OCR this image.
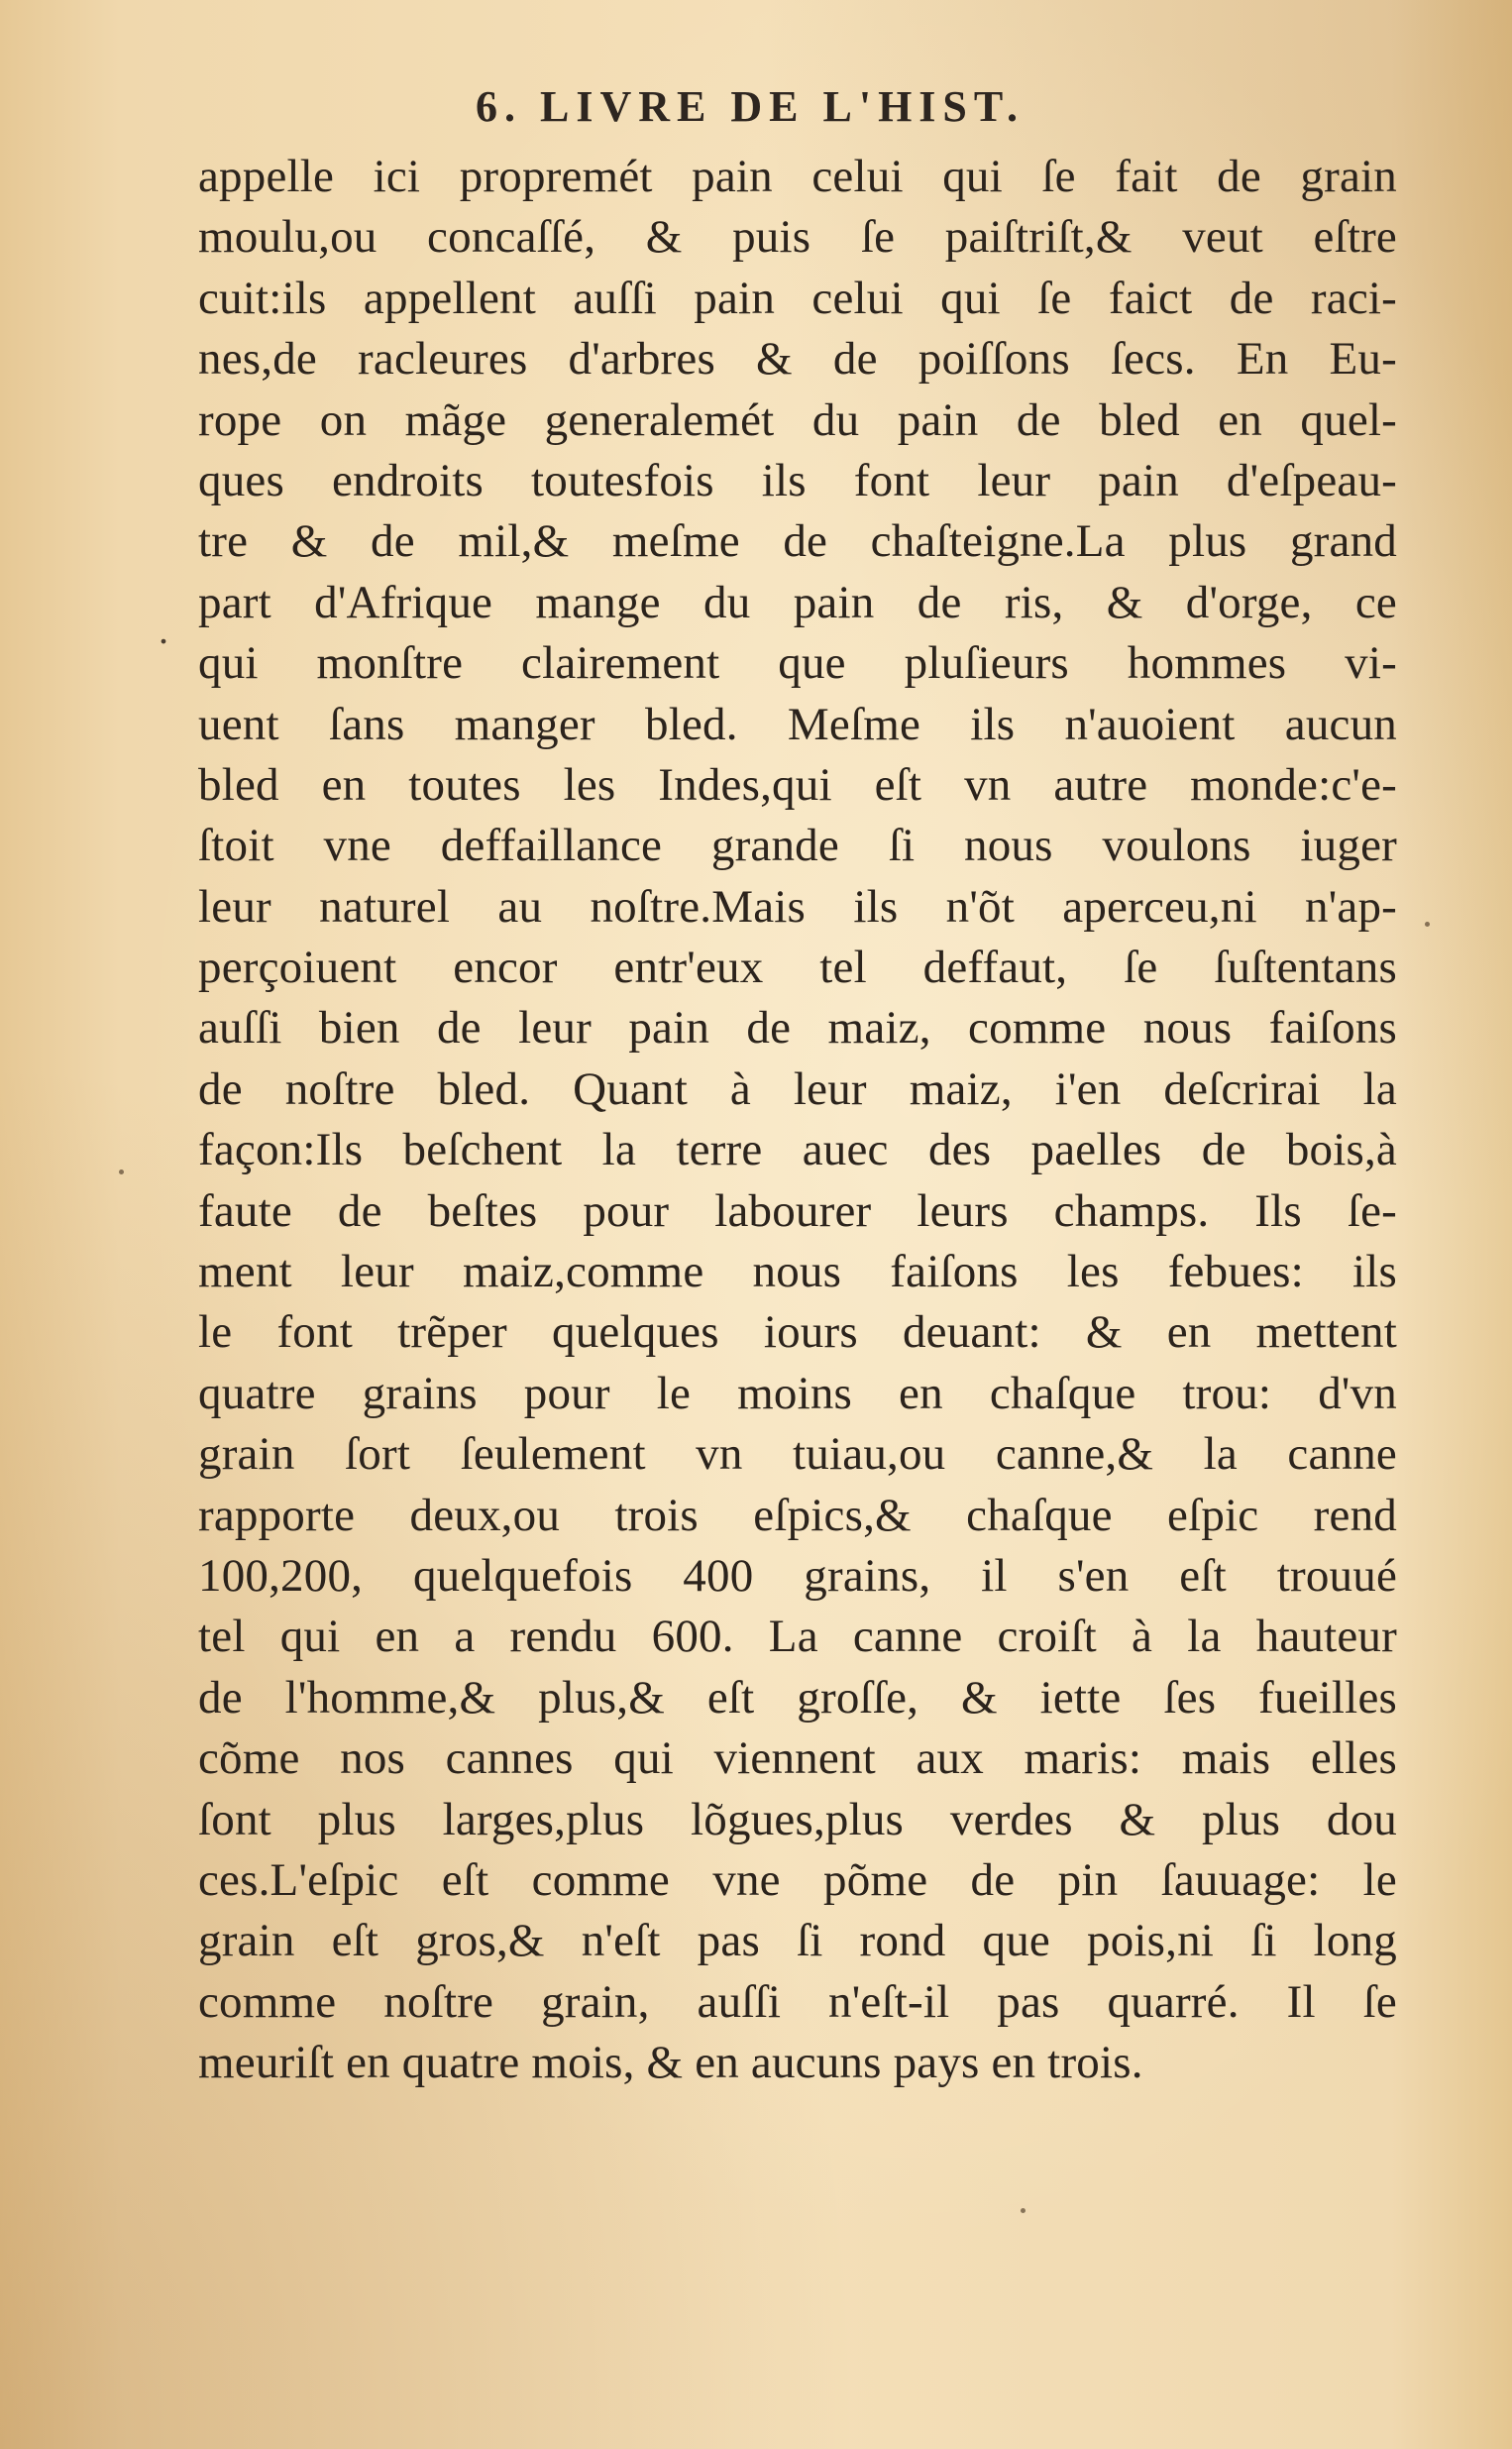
6. LIVRE DE L'HIST.
.
appelle ici propremét pain celui qui ſe fait de grain
moulu,ou concaſſé, & puis ſe paiſtriſt,& veut eſtre
cuit:ils appellent auſſi pain celui qui ſe faict de raci-
nes,de racleures d'arbres & de poiſſons ſecs. En Eu-
rope on mãge generalemét du pain de bled en quel-
ques endroits toutesfois ils font leur pain d'eſpeau-
tre & de mil,& meſme de chaſteigne.La plus grand
part d'Afrique mange du pain de ris, & d'orge, ce
qui monſtre clairement que pluſieurs hommes vi-
uent ſans manger bled. Meſme ils n'auoient aucun
bled en toutes les Indes,qui eſt vn autre monde:c'e-
ſtoit vne deffaillance grande ſi nous voulons iuger
leur naturel au noſtre.Mais ils n'õt aperceu,ni n'ap-
perçoiuent encor entr'eux tel deffaut, ſe ſuſtentans
auſſi bien de leur pain de maiz, comme nous faiſons
de noſtre bled. Quant à leur maiz, i'en deſcrirai la
façon:Ils beſchent la terre auec des paelles de bois,à
faute de beſtes pour labourer leurs champs. Ils ſe-
ment leur maiz,comme nous faiſons les febues: ils
le font trẽper quelques iours deuant: & en mettent
quatre grains pour le moins en chaſque trou: d'vn
grain ſort ſeulement vn tuiau,ou canne,& la canne
rapporte deux,ou trois eſpics,& chaſque eſpic rend
100,200, quelquefois 400 grains, il s'en eſt trouué
tel qui en a rendu 600. La canne croiſt à la hauteur
de l'homme,& plus,& eſt groſſe, & iette ſes fueilles
cõme nos cannes qui viennent aux maris: mais elles
ſont plus larges,plus lõgues,plus verdes & plus dou
ces.L'eſpic eſt comme vne põme de pin ſauuage: le
grain eſt gros,& n'eſt pas ſi rond que pois,ni ſi long
comme noſtre grain, auſſi n'eſt-il pas quarré. Il ſe
meuriſt en quatre mois, & en aucuns pays en trois.
